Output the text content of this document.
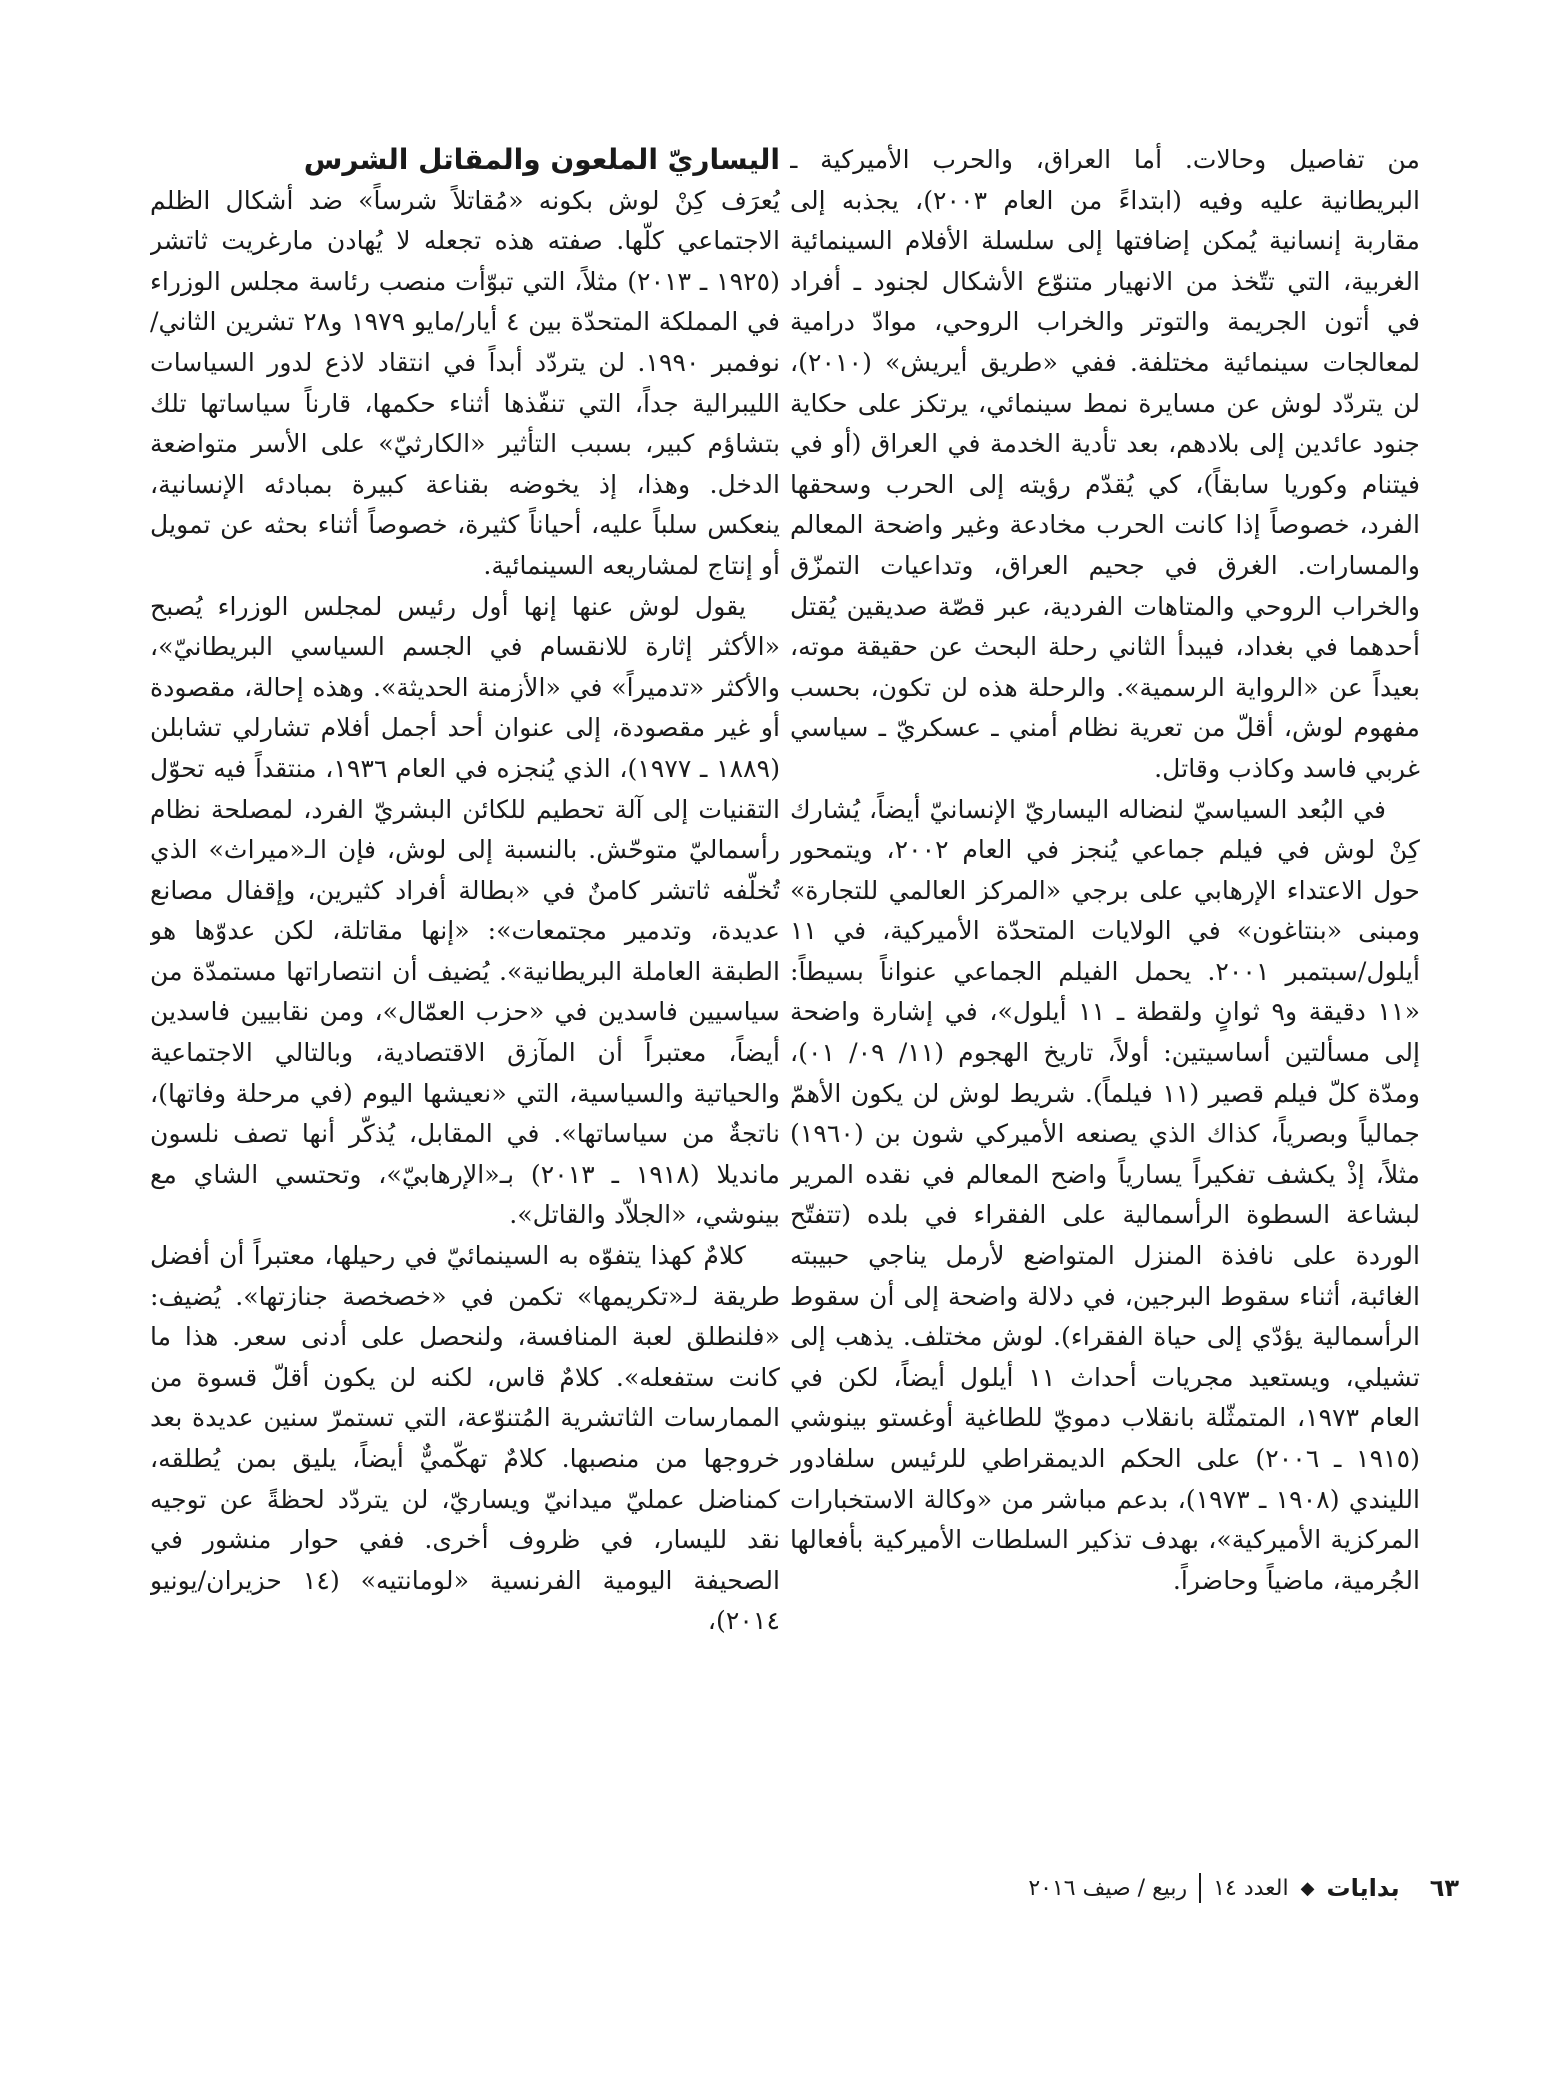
من تفاصيل وحالات. أما العراق، والحرب الأميركية ـ البريطانية عليه وفيه (ابتداءً من العام ٢٠٠٣)، يجذبه إلى مقاربة إنسانية يُمكن إضافتها إلى سلسلة الأفلام السينمائية الغربية، التي تتّخذ من الانهيار متنوّع الأشكال لجنود ـ أفراد في أتون الجريمة والتوتر والخراب الروحي، موادّ درامية لمعالجات سينمائية مختلفة. ففي «طريق أيريش» (٢٠١٠)، لن يتردّد لوش عن مسايرة نمط سينمائي، يرتكز على حكاية جنود عائدين إلى بلادهم، بعد تأدية الخدمة في العراق (أو في فيتنام وكوريا سابقاً)، كي يُقدّم رؤيته إلى الحرب وسحقها الفرد، خصوصاً إذا كانت الحرب مخادعة وغير واضحة المعالم والمسارات. الغرق في جحيم العراق، وتداعيات التمزّق والخراب الروحي والمتاهات الفردية، عبر قصّة صديقين يُقتل أحدهما في بغداد، فيبدأ الثاني رحلة البحث عن حقيقة موته، بعيداً عن «الرواية الرسمية». والرحلة هذه لن تكون، بحسب مفهوم لوش، أقلّ من تعرية نظام أمني ـ عسكريّ ـ سياسي غربي فاسد وكاذب وقاتل.

في البُعد السياسيّ لنضاله اليساريّ الإنسانيّ أيضاً، يُشارك كِنْ لوش في فيلم جماعي يُنجز في العام ٢٠٠٢، ويتمحور حول الاعتداء الإرهابي على برجي «المركز العالمي للتجارة» ومبنى «بنتاغون» في الولايات المتحدّة الأميركية، في ١١ أيلول/سبتمبر ٢٠٠١. يحمل الفيلم الجماعي عنواناً بسيطاً: «١١ دقيقة و٩ ثوانٍ ولقطة ـ ١١ أيلول»، في إشارة واضحة إلى مسألتين أساسيتين: أولاً، تاريخ الهجوم (١١/ ٠٩/ ٠١)، ومدّة كلّ فيلم قصير (١١ فيلماً). شريط لوش لن يكون الأهمّ جمالياً وبصرياً، كذاك الذي يصنعه الأميركي شون بن (١٩٦٠) مثلاً، إذْ يكشف تفكيراً يسارياً واضح المعالم في نقده المرير لبشاعة السطوة الرأسمالية على الفقراء في بلده (تتفتّح الوردة على نافذة المنزل المتواضع لأرمل يناجي حبيبته الغائبة، أثناء سقوط البرجين، في دلالة واضحة إلى أن سقوط الرأسمالية يؤدّي إلى حياة الفقراء). لوش مختلف. يذهب إلى تشيلي، ويستعيد مجريات أحداث ١١ أيلول أيضاً، لكن في العام ١٩٧٣، المتمثّلة بانقلاب دمويّ للطاغية أوغستو بينوشي (١٩١٥ ـ ٢٠٠٦) على الحكم الديمقراطي للرئيس سلفادور الليندي (١٩٠٨ ـ ١٩٧٣)، بدعم مباشر من «وكالة الاستخبارات المركزية الأميركية»، بهدف تذكير السلطات الأميركية بأفعالها الجُرمية، ماضياً وحاضراً.

اليساريّ الملعون والمقاتل الشرس

يُعرَف كِنْ لوش بكونه «مُقاتلاً شرساً» ضد أشكال الظلم الاجتماعي كلّها. صفته هذه تجعله لا يُهادن مارغريت ثاتشر (١٩٢٥ ـ ٢٠١٣) مثلاً، التي تبوّأت منصب رئاسة مجلس الوزراء في المملكة المتحدّة بين ٤ أيار/مايو ١٩٧٩ و٢٨ تشرين الثاني/نوفمبر ١٩٩٠. لن يتردّد أبداً في انتقاد لاذع لدور السياسات الليبرالية جداً، التي تنفّذها أثناء حكمها، قارناً سياساتها تلك بتشاؤم كبير، بسبب التأثير «الكارثيّ» على الأسر متواضعة الدخل. وهذا، إذ يخوضه بقناعة كبيرة بمبادئه الإنسانية، ينعكس سلباً عليه، أحياناً كثيرة، خصوصاً أثناء بحثه عن تمويل أو إنتاج لمشاريعه السينمائية.

يقول لوش عنها إنها أول رئيس لمجلس الوزراء يُصبح «الأكثر إثارة للانقسام في الجسم السياسي البريطانيّ»، والأكثر «تدميراً» في «الأزمنة الحديثة». وهذه إحالة، مقصودة أو غير مقصودة، إلى عنوان أحد أجمل أفلام تشارلي تشابلن (١٨٨٩ ـ ١٩٧٧)، الذي يُنجزه في العام ١٩٣٦، منتقداً فيه تحوّل التقنيات إلى آلة تحطيم للكائن البشريّ الفرد، لمصلحة نظام رأسماليّ متوحّش. بالنسبة إلى لوش، فإن الـ«ميراث» الذي تُخلّفه ثاتشر كامنٌ في «بطالة أفراد كثيرين، وإقفال مصانع عديدة، وتدمير مجتمعات»: «إنها مقاتلة، لكن عدوّها هو الطبقة العاملة البريطانية». يُضيف أن انتصاراتها مستمدّة من سياسيين فاسدين في «حزب العمّال»، ومن نقابيين فاسدين أيضاً، معتبراً أن المآزق الاقتصادية، وبالتالي الاجتماعية والحياتية والسياسية، التي «نعيشها اليوم (في مرحلة وفاتها)، ناتجةٌ من سياساتها». في المقابل، يُذكّر أنها تصف نلسون مانديلا (١٩١٨ ـ ٢٠١٣) بـ«الإرهابيّ»، وتحتسي الشاي مع بينوشي، «الجلاّد والقاتل».

كلامٌ كهذا يتفوّه به السينمائيّ في رحيلها، معتبراً أن أفضل طريقة لـ«تكريمها» تكمن في «خصخصة جنازتها». يُضيف: «فلنطلق لعبة المنافسة، ولنحصل على أدنى سعر. هذا ما كانت ستفعله». كلامٌ قاس، لكنه لن يكون أقلّ قسوة من الممارسات الثاتشرية المُتنوّعة، التي تستمرّ سنين عديدة بعد خروجها من منصبها. كلامٌ تهكّميٌّ أيضاً، يليق بمن يُطلقه، كمناضل عمليّ ميدانيّ ويساريّ، لن يتردّد لحظةً عن توجيه نقد لليسار، في ظروف أخرى. ففي حوار منشور في الصحيفة اليومية الفرنسية «لومانتيه» (١٤ حزيران/يونيو ٢٠١٤)،

٦٣
بدايات
◆
العدد ١٤
ربيع / صيف ٢٠١٦
